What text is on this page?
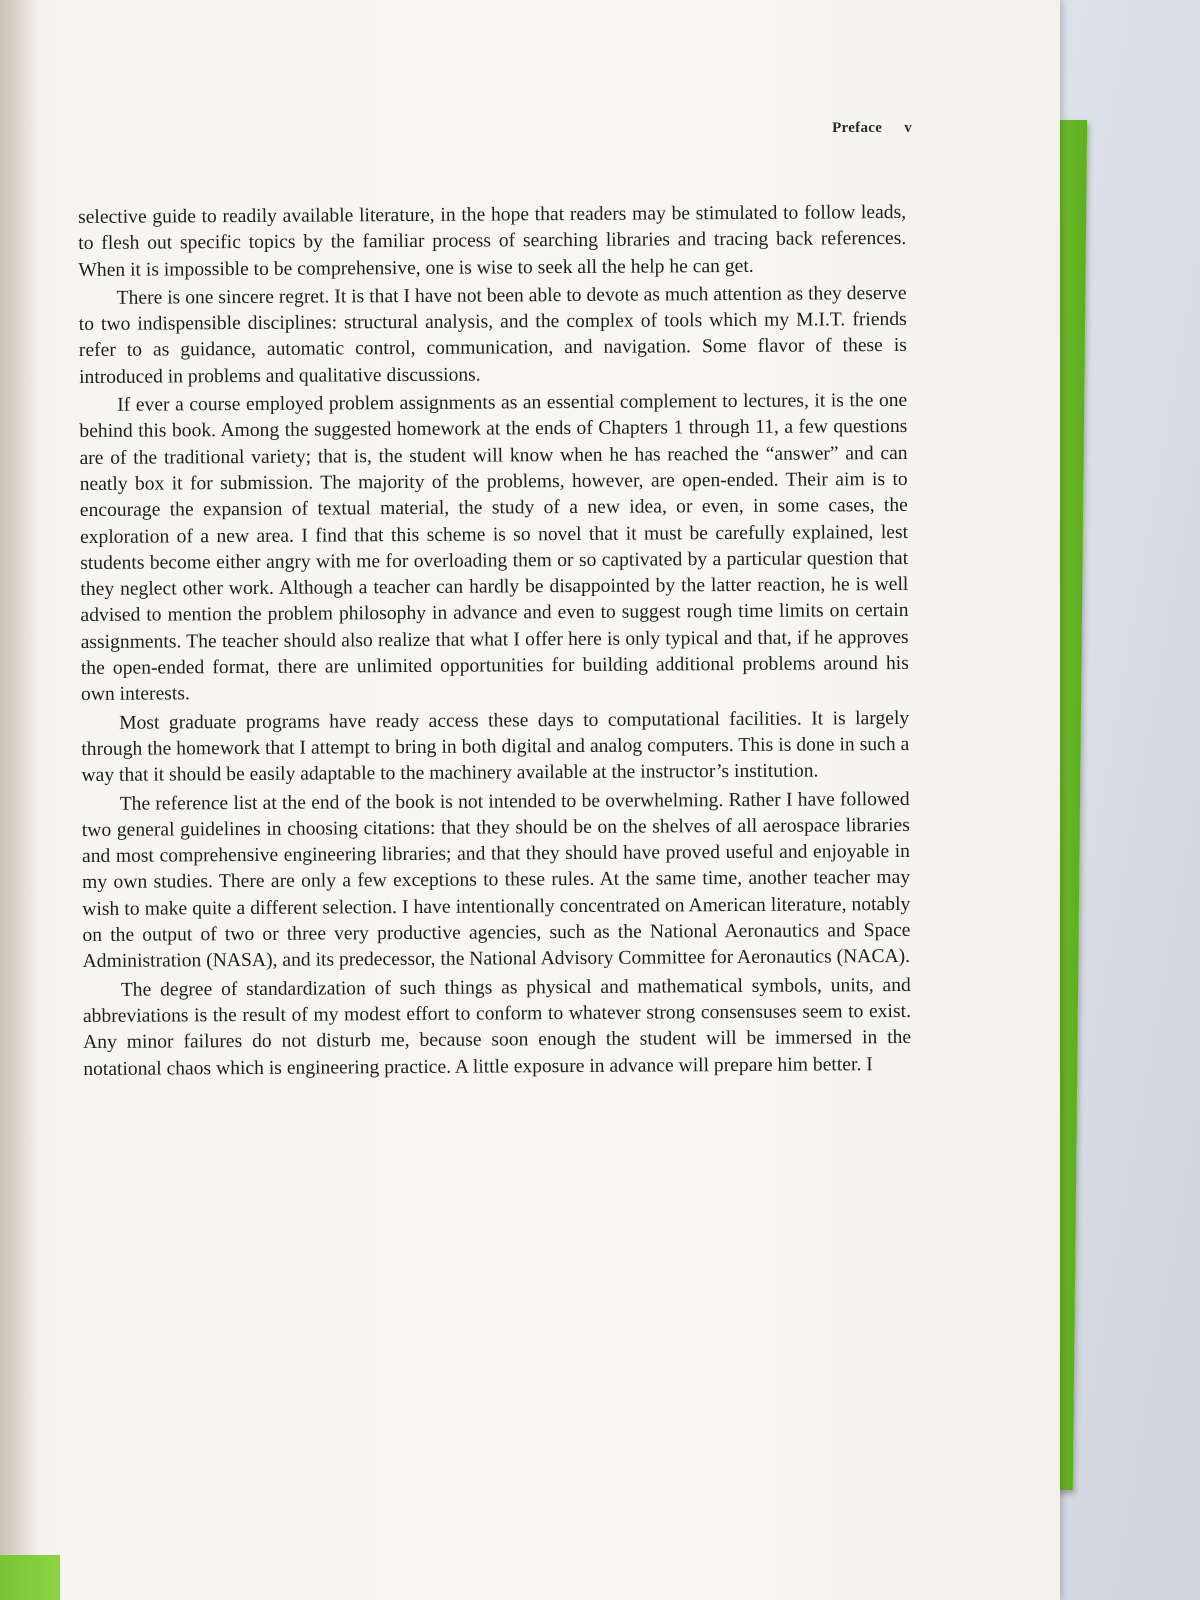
Preface v

selective guide to readily available literature, in the hope that readers may be stimulated to follow leads, to flesh out specific topics by the familiar process of searching libraries and tracing back references. When it is impossible to be comprehensive, one is wise to seek all the help he can get.

There is one sincere regret. It is that I have not been able to devote as much attention as they deserve to two indispensible disciplines: structural analysis, and the complex of tools which my M.I.T. friends refer to as guidance, automatic control, communication, and navigation. Some flavor of these is introduced in problems and qualitative discussions.

If ever a course employed problem assignments as an essential complement to lectures, it is the one behind this book. Among the suggested homework at the ends of Chapters 1 through 11, a few questions are of the traditional variety; that is, the student will know when he has reached the “answer” and can neatly box it for submission. The majority of the problems, however, are open-ended. Their aim is to encourage the expansion of textual material, the study of a new idea, or even, in some cases, the exploration of a new area. I find that this scheme is so novel that it must be carefully explained, lest students become either angry with me for overloading them or so captivated by a particular question that they neglect other work. Although a teacher can hardly be disappointed by the latter reaction, he is well advised to mention the problem philosophy in advance and even to suggest rough time limits on certain assignments. The teacher should also realize that what I offer here is only typical and that, if he approves the open-ended format, there are unlimited opportunities for building additional problems around his own interests.

Most graduate programs have ready access these days to computational facilities. It is largely through the homework that I attempt to bring in both digital and analog computers. This is done in such a way that it should be easily adaptable to the machinery available at the instructor’s institution.

The reference list at the end of the book is not intended to be overwhelming. Rather I have followed two general guidelines in choosing citations: that they should be on the shelves of all aerospace libraries and most comprehensive engineering libraries; and that they should have proved useful and enjoyable in my own studies. There are only a few exceptions to these rules. At the same time, another teacher may wish to make quite a different selection. I have intentionally concentrated on American literature, notably on the output of two or three very productive agencies, such as the National Aeronautics and Space Administration (NASA), and its predecessor, the National Advisory Committee for Aeronautics (NACA).

The degree of standardization of such things as physical and mathematical symbols, units, and abbreviations is the result of my modest effort to conform to whatever strong consensuses seem to exist. Any minor failures do not disturb me, because soon enough the student will be immersed in the notational chaos which is engineering practice. A little exposure in advance will prepare him better. I
